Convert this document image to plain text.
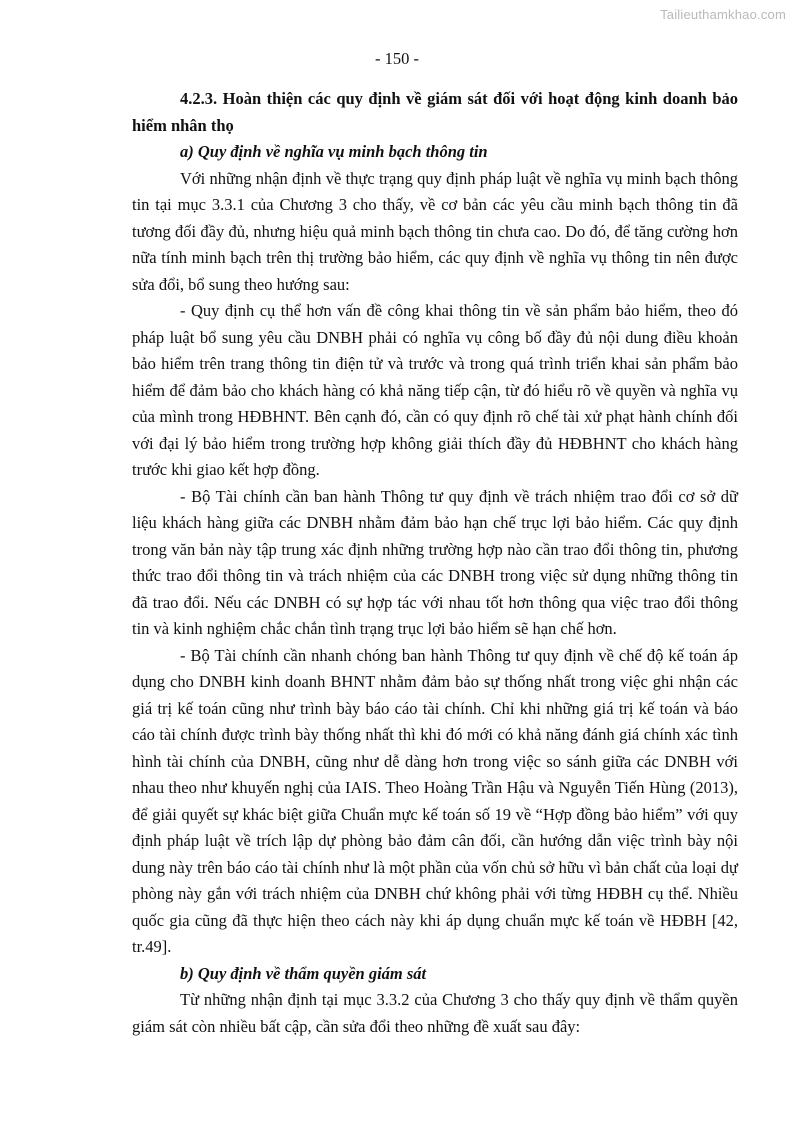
Tailieuthamkhao.com
- 150 -

4.2.3. Hoàn thiện các quy định về giám sát đối với hoạt động kinh doanh bảo hiểm nhân thọ

a) Quy định về nghĩa vụ minh bạch thông tin

Với những nhận định về thực trạng quy định pháp luật về nghĩa vụ minh bạch thông tin tại mục 3.3.1 của Chương 3 cho thấy, về cơ bản các yêu cầu minh bạch thông tin đã tương đối đầy đủ, nhưng hiệu quả minh bạch thông tin chưa cao. Do đó, để tăng cường hơn nữa tính minh bạch trên thị trường bảo hiểm, các quy định về nghĩa vụ thông tin nên được sửa đổi, bổ sung theo hướng sau:

- Quy định cụ thể hơn vấn đề công khai thông tin về sản phẩm bảo hiểm, theo đó pháp luật bổ sung yêu cầu DNBH phải có nghĩa vụ công bố đầy đủ nội dung điều khoản bảo hiểm trên trang thông tin điện tử và trước và trong quá trình triển khai sản phẩm bảo hiểm để đảm bảo cho khách hàng có khả năng tiếp cận, từ đó hiểu rõ về quyền và nghĩa vụ của mình trong HĐBHNT. Bên cạnh đó, cần có quy định rõ chế tài xử phạt hành chính đối với đại lý bảo hiểm trong trường hợp không giải thích đầy đủ HĐBHNT cho khách hàng trước khi giao kết hợp đồng.

- Bộ Tài chính cần ban hành Thông tư quy định về trách nhiệm trao đổi cơ sở dữ liệu khách hàng giữa các DNBH nhằm đảm bảo hạn chế trục lợi bảo hiểm. Các quy định trong văn bản này tập trung xác định những trường hợp nào cần trao đổi thông tin, phương thức trao đổi thông tin và trách nhiệm của các DNBH trong việc sử dụng những thông tin đã trao đổi. Nếu các DNBH có sự hợp tác với nhau tốt hơn thông qua việc trao đổi thông tin và kinh nghiệm chắc chắn tình trạng trục lợi bảo hiểm sẽ hạn chế hơn.

- Bộ Tài chính cần nhanh chóng ban hành Thông tư quy định về chế độ kế toán áp dụng cho DNBH kinh doanh BHNT nhằm đảm bảo sự thống nhất trong việc ghi nhận các giá trị kế toán cũng như trình bày báo cáo tài chính. Chỉ khi những giá trị kế toán và báo cáo tài chính được trình bày thống nhất thì khi đó mới có khả năng đánh giá chính xác tình hình tài chính của DNBH, cũng như dễ dàng hơn trong việc so sánh giữa các DNBH với nhau theo như khuyến nghị của IAIS. Theo Hoàng Trần Hậu và Nguyễn Tiến Hùng (2013), để giải quyết sự khác biệt giữa Chuẩn mực kế toán số 19 về “Hợp đồng bảo hiểm” với quy định pháp luật về trích lập dự phòng bảo đảm cân đối, cần hướng dẫn việc trình bày nội dung này trên báo cáo tài chính như là một phần của vốn chủ sở hữu vì bản chất của loại dự phòng này gắn với trách nhiệm của DNBH chứ không phải với từng HĐBH cụ thể. Nhiều quốc gia cũng đã thực hiện theo cách này khi áp dụng chuẩn mực kế toán về HĐBH [42, tr.49].

b) Quy định về thẩm quyền giám sát

Từ những nhận định tại mục 3.3.2 của Chương 3 cho thấy quy định về thẩm quyền giám sát còn nhiều bất cập, cần sửa đổi theo những đề xuất sau đây:
